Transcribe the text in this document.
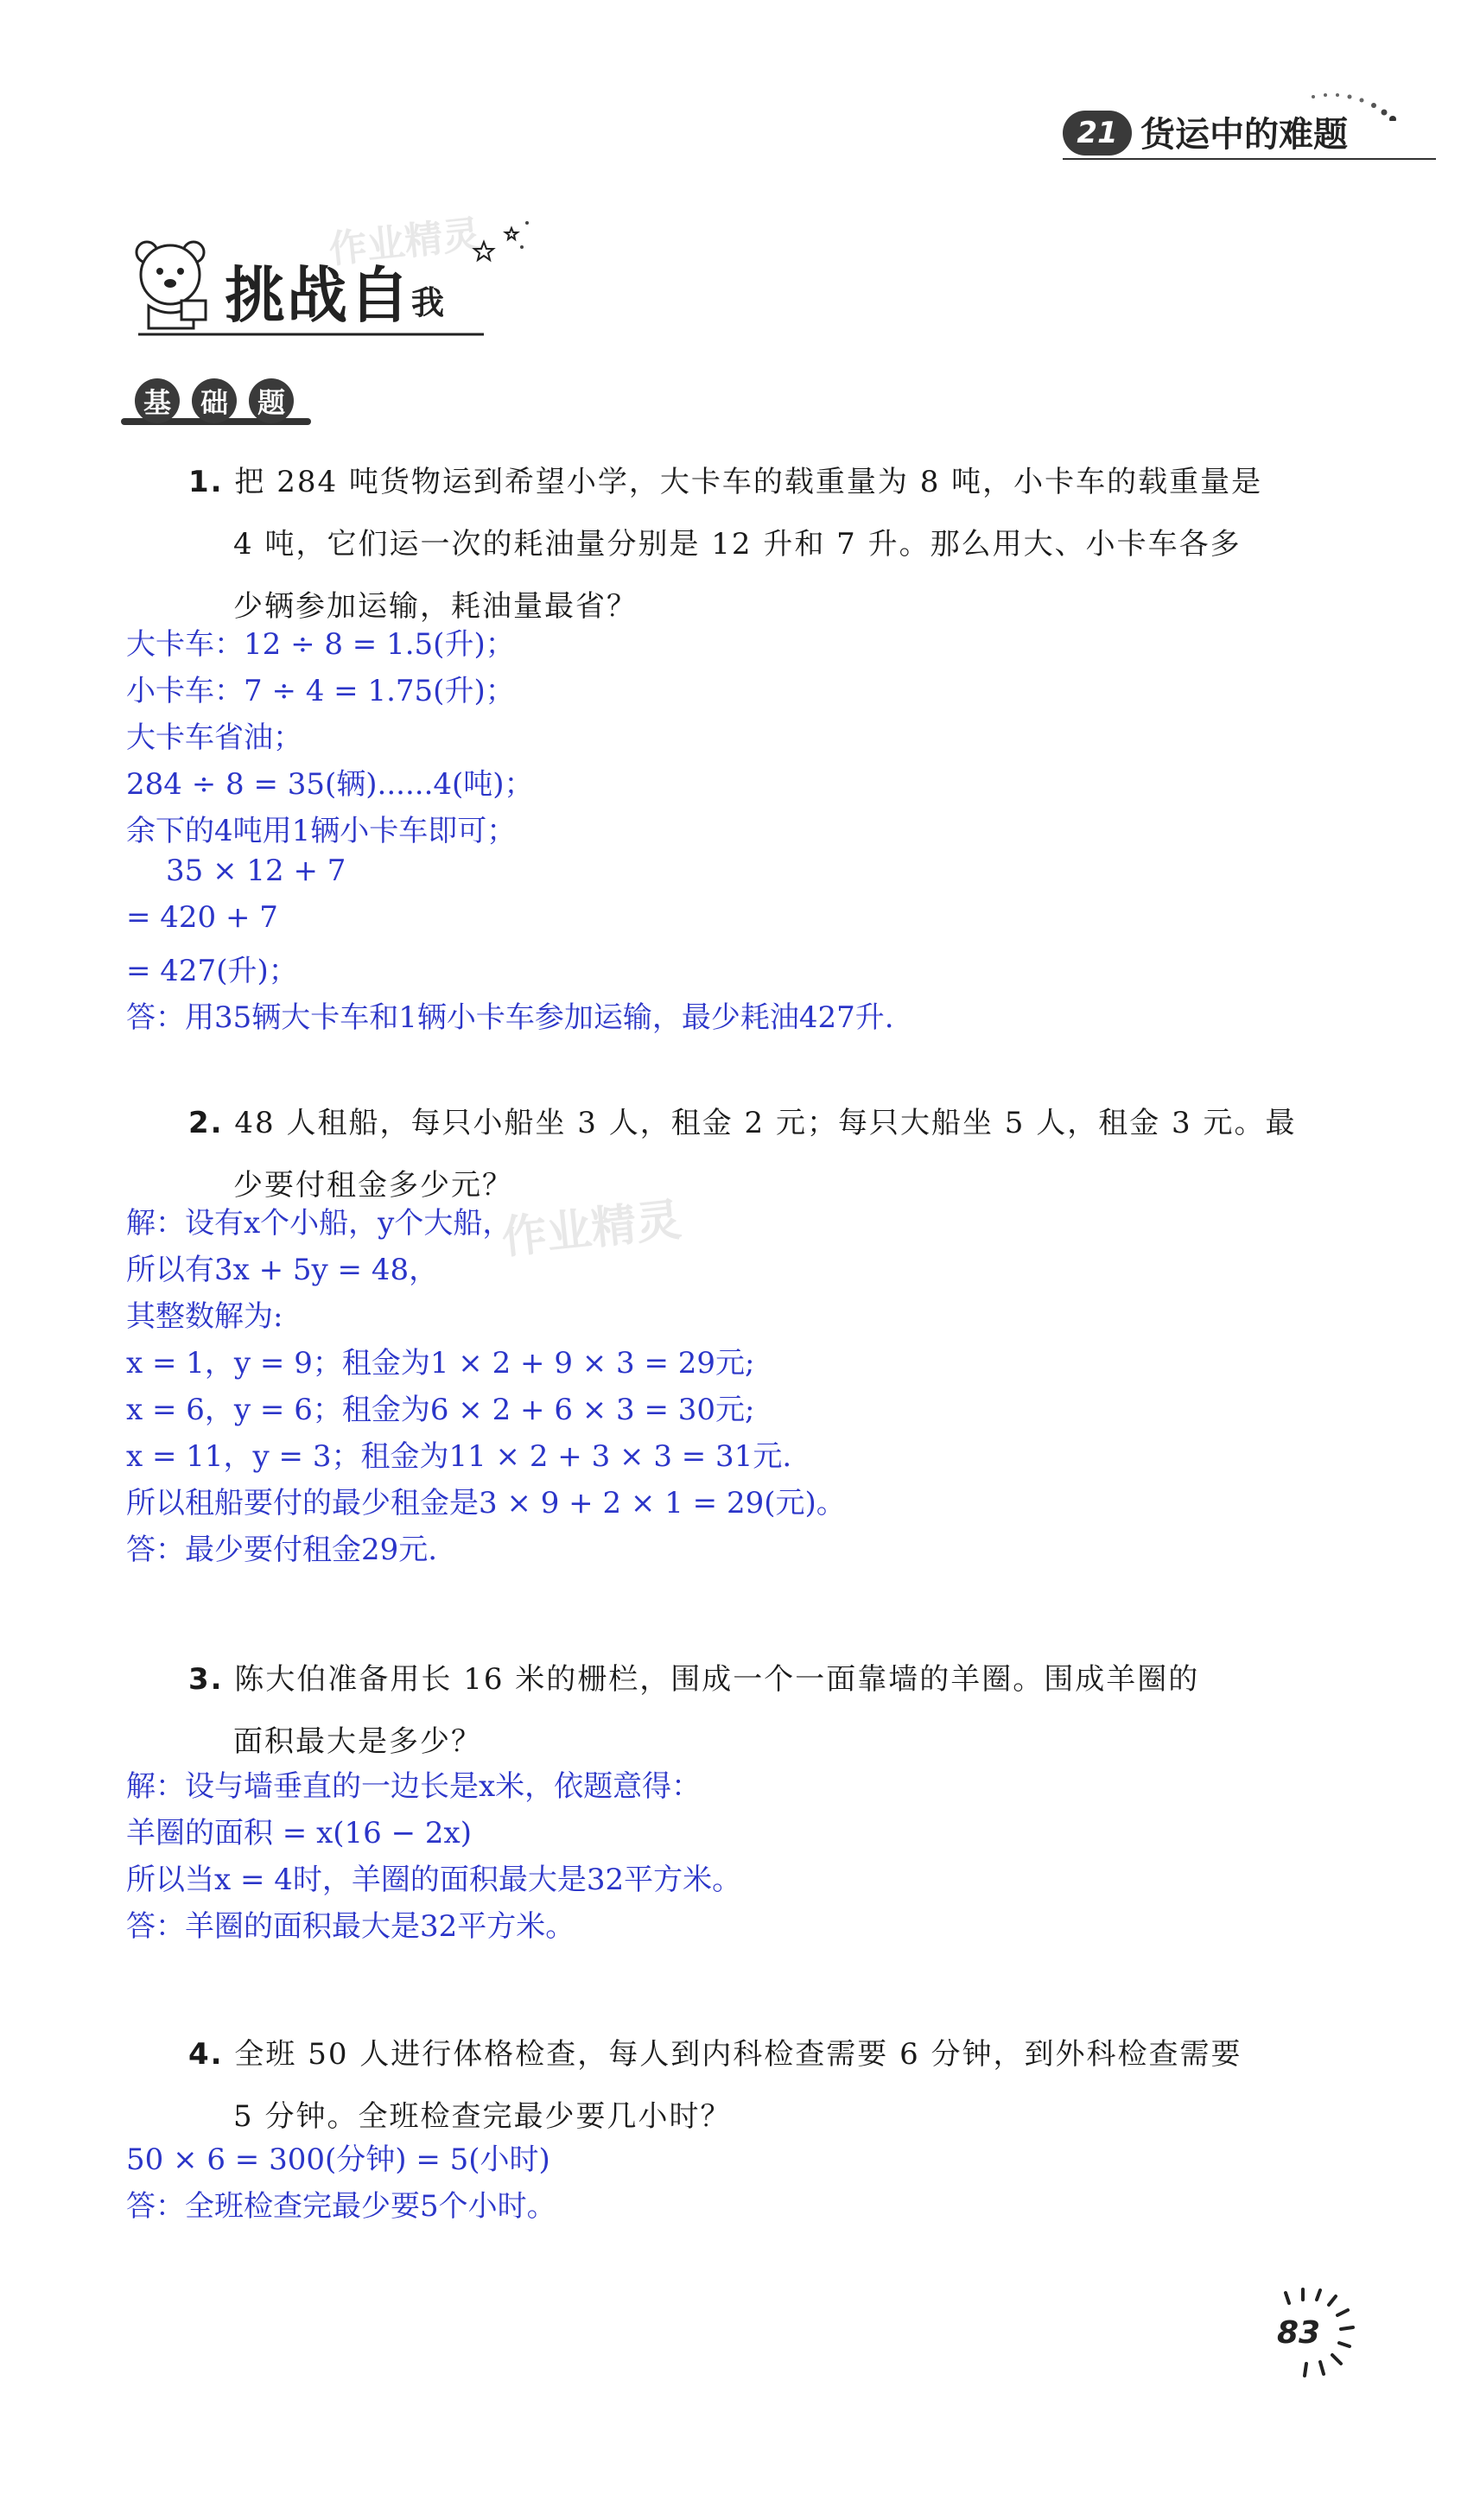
21 货运中的难题
挑战自我
作业精灵
基	础	题
1. 把 284 吨货物运到希望小学，大卡车的载重量为 8 吨，小卡车的载重量是
4 吨，它们运一次的耗油量分别是 12 升和 7 升。那么用大、小卡车各多
少辆参加运输，耗油量最省？
大卡车：12 ÷ 8 = 1.5(升)；
小卡车：7 ÷ 4 = 1.75(升)；
大卡车省油；
284 ÷ 8 = 35(辆)......4(吨)；
余下的4吨用1辆小卡车即可；
35 × 12 + 7
= 420 + 7
= 427(升)；
答：用35辆大卡车和1辆小卡车参加运输，最少耗油427升.
2. 48 人租船，每只小船坐 3 人，租金 2 元；每只大船坐 5 人，租金 3 元。最
少要付租金多少元？
解：设有x个小船，y个大船，
所以有3x + 5y = 48，
其整数解为:
x = 1，y = 9；租金为1 × 2 + 9 × 3 = 29元;
x = 6，y = 6；租金为6 × 2 + 6 × 3 = 30元;
x = 11，y = 3；租金为11 × 2 + 3 × 3 = 31元.
所以租船要付的最少租金是3 × 9 + 2 × 1 = 29(元)。
答：最少要付租金29元.
作业精灵
3. 陈大伯准备用长 16 米的栅栏，围成一个一面靠墙的羊圈。围成羊圈的
面积最大是多少？
解：设与墙垂直的一边长是x米，依题意得：
羊圈的面积 = x(16 − 2x)
所以当x = 4时，羊圈的面积最大是32平方米。
答：羊圈的面积最大是32平方米。
4. 全班 50 人进行体格检查，每人到内科检查需要 6 分钟，到外科检查需要
5 分钟。全班检查完最少要几小时？
50 × 6 = 300(分钟) = 5(小时)
答：全班检查完最少要5个小时。
83
